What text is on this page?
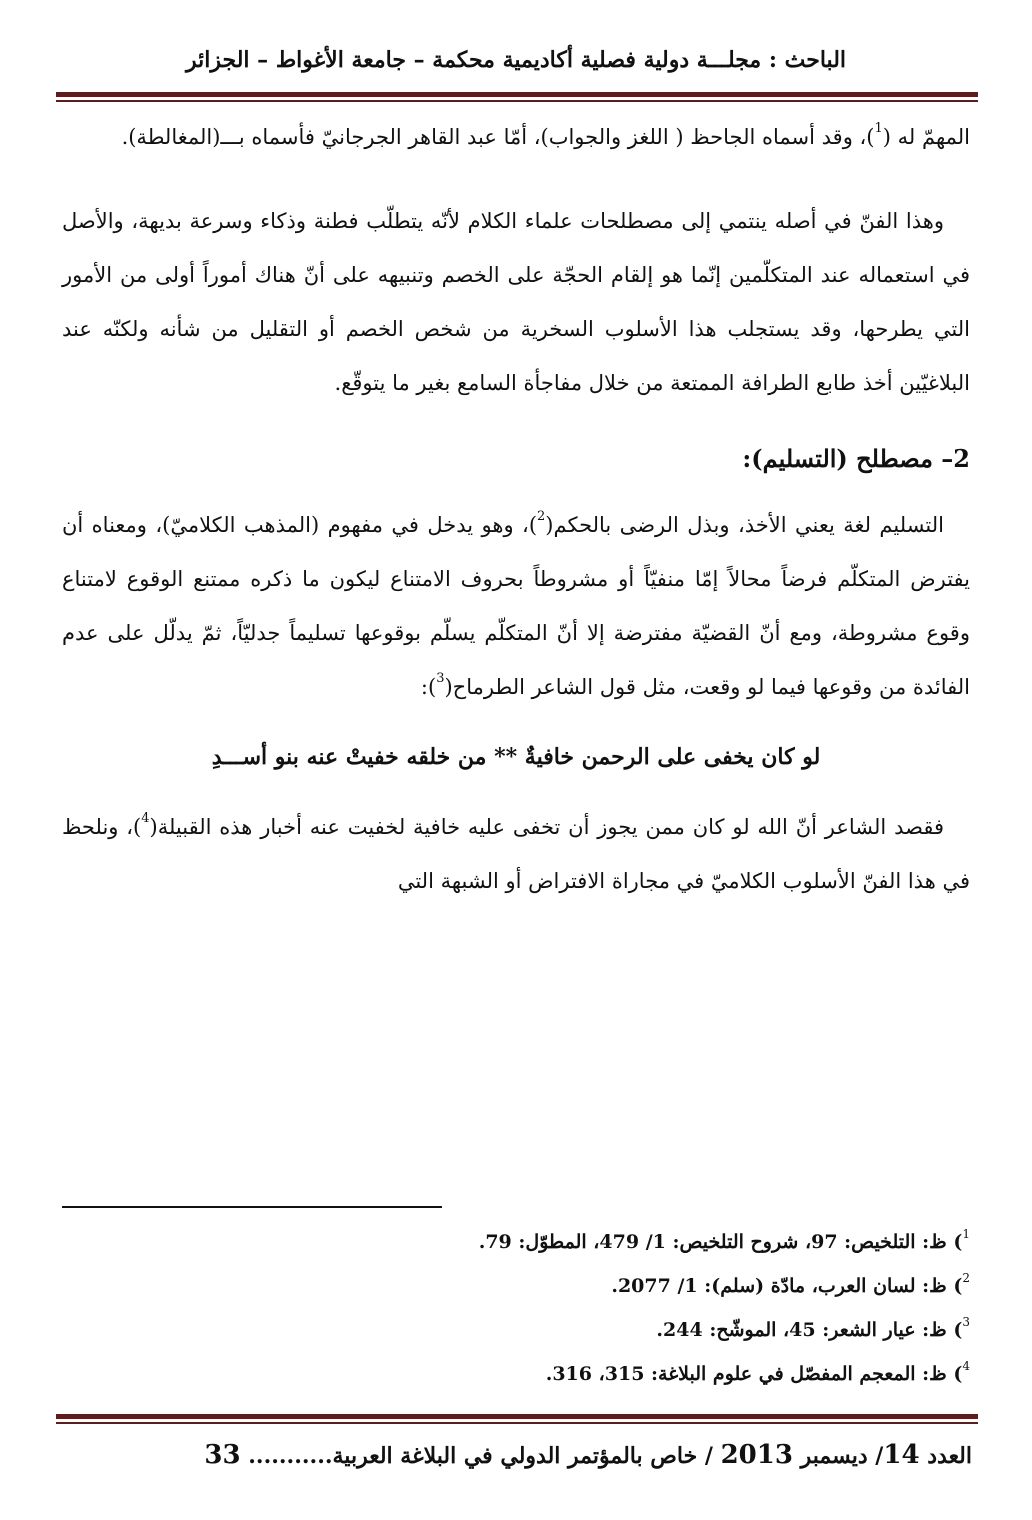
الباحث : مجلـــة دولية فصلية أكاديمية محكمة – جامعة الأغواط – الجزائر

المهمّ له ($^1$)، وقد أسماه الجاحظ ( اللغز والجواب)، أمّا عبد القاهر الجرجانيّ فأسماه بـــ(المغالطة).

وهذا الفنّ في أصله ينتمي إلى مصطلحات علماء الكلام لأنّه يتطلّب فطنة وذكاء وسرعة بديهة، والأصل في استعماله عند المتكلّمين إنّما هو إلقام الحجّة على الخصم وتنبيهه على أنّ هناك أموراً أولى من الأمور التي يطرحها، وقد يستجلب هذا الأسلوب السخرية من شخص الخصم أو التقليل من شأنه ولكنّه عند البلاغيّين أخذ طابع الطرافة الممتعة من خلال مفاجأة السامع بغير ما يتوقّع.

2– مصطلح (التسليم):

التسليم لغة يعني الأخذ، وبذل الرضى بالحكم($^2$)، وهو يدخل في مفهوم (المذهب الكلاميّ)، ومعناه أن يفترض المتكلّم فرضاً محالاً إمّا منفيّاً أو مشروطاً بحروف الامتناع ليكون ما ذكره ممتنع الوقوع لامتناع وقوع مشروطة، ومع أنّ القضيّة مفترضة إلا أنّ المتكلّم يسلّم بوقوعها تسليماً جدليّاً، ثمّ يدلّل على عدم الفائدة من وقوعها فيما لو وقعت، مثل قول الشاعر الطرماح($^3$):

لو كان يخفى على الرحمن خافيةٌ ** من خلقه خفيتْ عنه بنو أســـدِ

فقصد الشاعر أنّ الله لو كان ممن يجوز أن تخفى عليه خافية لخفيت عنه أخبار هذه القبيلة($^4$)، ونلحظ في هذا الفنّ الأسلوب الكلاميّ في مجاراة الافتراض أو الشبهة التي

$^1$) ظ: التلخيص: 97، شروح التلخيص: 1/ 479، المطوّل: 79.

$^2$) ظ: لسان العرب، مادّة (سلم): 1/ 2077.

$^3$) ظ: عيار الشعر: 45، الموشّح: 244.

$^4$) ظ: المعجم المفصّل في علوم البلاغة: 315، 316.

العدد 14/ ديسمبر 2013 / خاص بالمؤتمر الدولي في البلاغة العربية........... 33
